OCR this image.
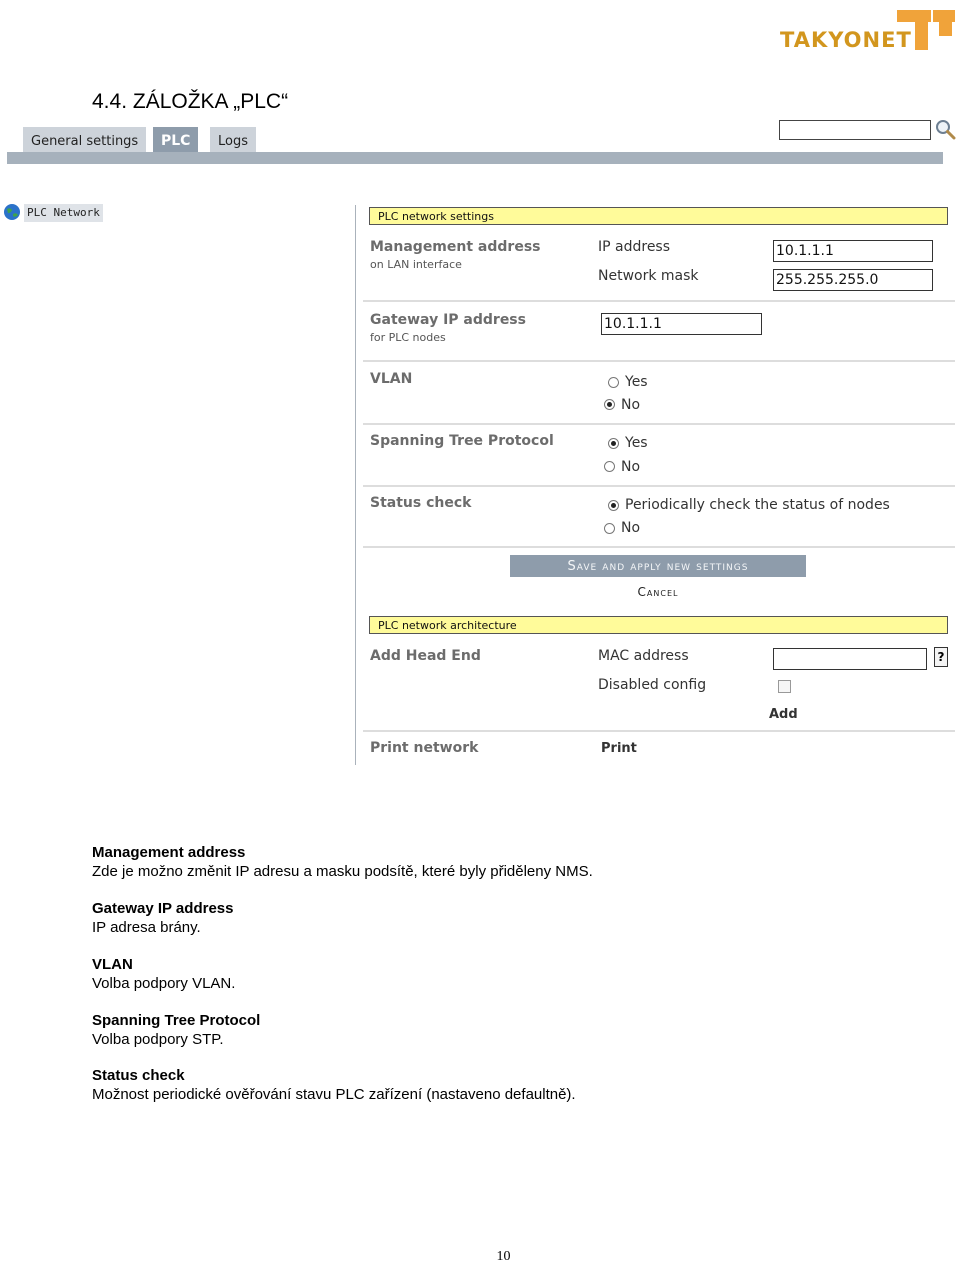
TAKYONET
4.4. ZÁLOŽKA „PLC“
General settings	PLC	Logs
PLC Network	PLC network settings
Management address
on LAN interface
IP address	10.1.1.1
Network mask	255.255.255.0
Gateway IP address
for PLC nodes
10.1.1.1
VLAN	Yes
No
Spanning Tree Protocol	Yes
No
Status check	Periodically check the status of nodes
No
Save and apply new settings
Cancel
PLC network architecture
Add Head End	MAC address	?
Disabled config
Add
Print network	Print
Management address
Zde je možno změnit IP adresu a masku podsítě, které byly přiděleny NMS.
Gateway IP address
IP adresa brány.
VLAN
Volba podpory VLAN.
Spanning Tree Protocol
Volba podpory STP.
Status check
Možnost periodické ověřování stavu PLC zařízení (nastaveno defaultně).
10
